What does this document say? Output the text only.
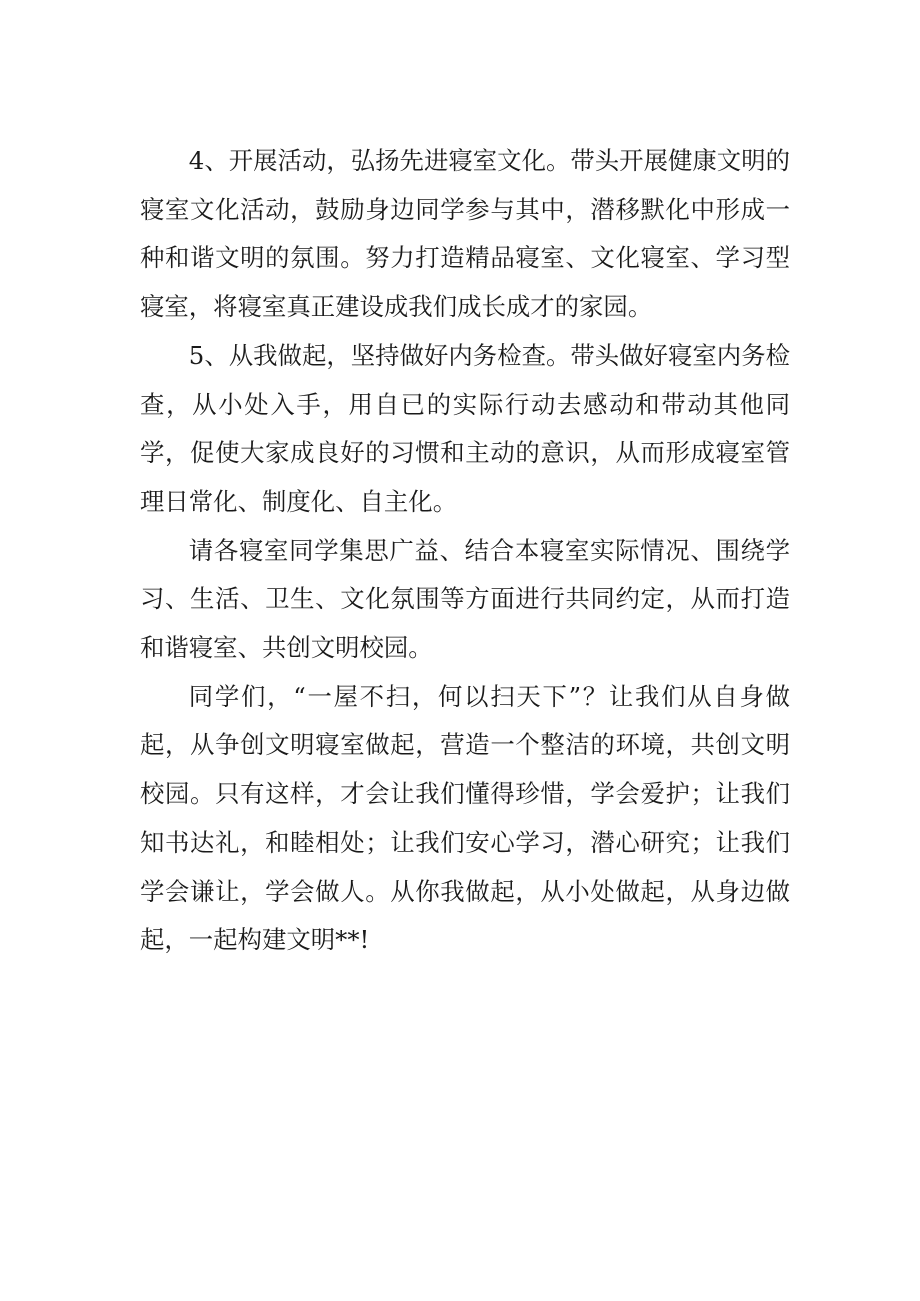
4、开展活动，弘扬先进寝室文化。带头开展健康文明的寝室文化活动，鼓励身边同学参与其中，潜移默化中形成一种和谐文明的氛围。努力打造精品寝室、文化寝室、学习型寝室，将寝室真正建设成我们成长成才的家园。

5、从我做起，坚持做好内务检查。带头做好寝室内务检查，从小处入手，用自已的实际行动去感动和带动其他同学，促使大家成良好的习惯和主动的意识，从而形成寝室管理日常化、制度化、自主化。

请各寝室同学集思广益、结合本寝室实际情况、围绕学习、生活、卫生、文化氛围等方面进行共同约定，从而打造和谐寝室、共创文明校园。

同学们，“一屋不扫，何以扫天下”？让我们从自身做起，从争创文明寝室做起，营造一个整洁的环境，共创文明校园。只有这样，才会让我们懂得珍惜，学会爱护；让我们知书达礼，和睦相处；让我们安心学习，潜心研究；让我们学会谦让，学会做人。从你我做起，从小处做起，从身边做起，一起构建文明**!
